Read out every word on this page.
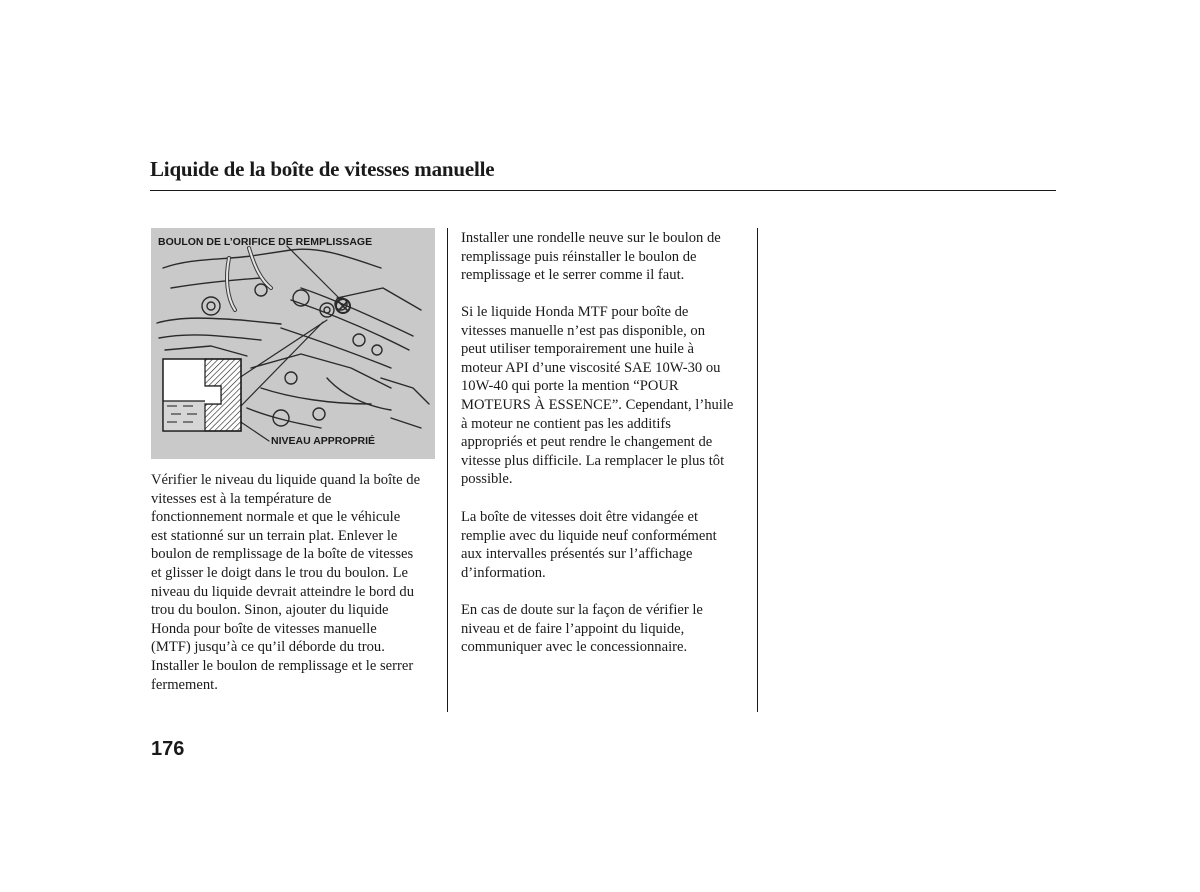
Liquide de la boîte de vitesses manuelle
BOULON DE L’ORIFICE DE REMPLISSAGE
NIVEAU APPROPRIÉ
Vérifier le niveau du liquide quand la boîte de
vitesses est à la température de
fonctionnement normale et que le véhicule
est stationné sur un terrain plat. Enlever le
boulon de remplissage de la boîte de vitesses
et glisser le doigt dans le trou du boulon. Le
niveau du liquide devrait atteindre le bord du
trou du boulon. Sinon, ajouter du liquide
Honda pour boîte de vitesses manuelle
(MTF) jusqu’à ce qu’il déborde du trou.
Installer le boulon de remplissage et le serrer
fermement.
Installer une rondelle neuve sur le boulon de
remplissage puis réinstaller le boulon de
remplissage et le serrer comme il faut.
Si le liquide Honda MTF pour boîte de
vitesses manuelle n’est pas disponible, on
peut utiliser temporairement une huile à
moteur API d’une viscosité SAE 10W-30 ou
10W-40 qui porte la mention “POUR
MOTEURS À ESSENCE”. Cependant, l’huile
à moteur ne contient pas les additifs
appropriés et peut rendre le changement de
vitesse plus difficile. La remplacer le plus tôt
possible.
La boîte de vitesses doit être vidangée et
remplie avec du liquide neuf conformément
aux intervalles présentés sur l’affichage
d’information.
En cas de doute sur la façon de vérifier le
niveau et de faire l’appoint du liquide,
communiquer avec le concessionnaire.
176
